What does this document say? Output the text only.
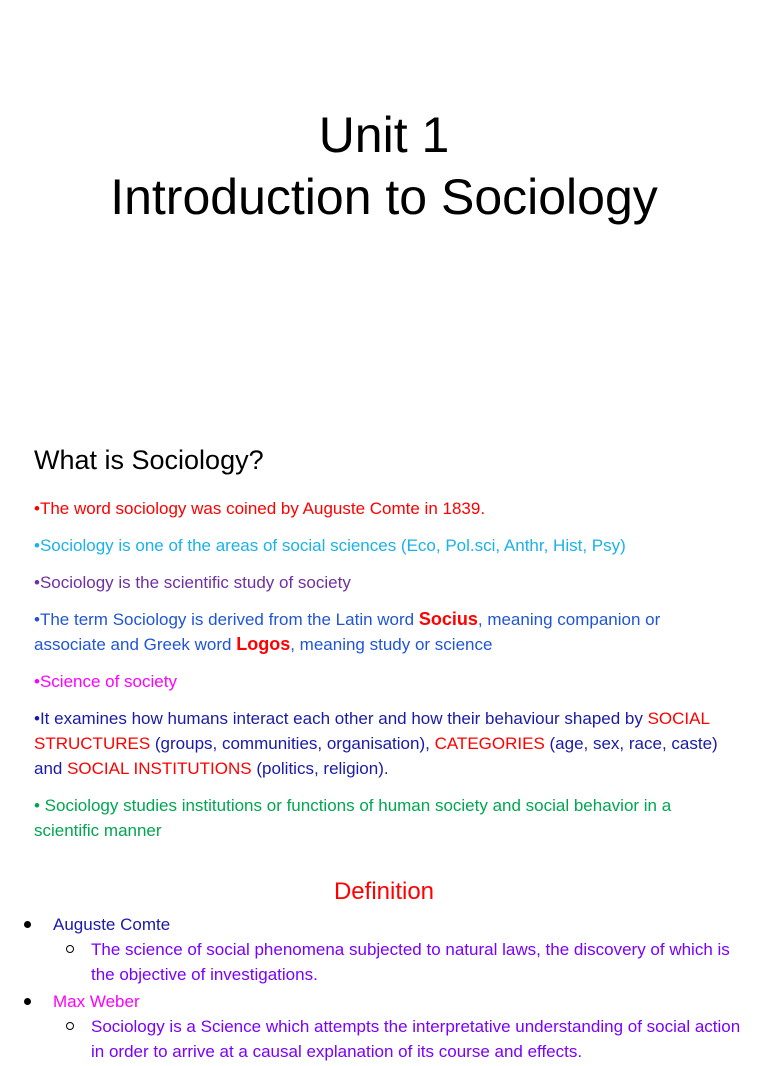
Unit 1
Introduction to Sociology
What is Sociology?
•The word sociology was coined by Auguste Comte in 1839.
•Sociology is one of the areas of social sciences (Eco, Pol.sci, Anthr, Hist, Psy)
•Sociology is the scientific study of society
•The term Sociology is derived from the Latin word Socius, meaning companion or associate and Greek word Logos, meaning study or science
•Science of society
•It examines how humans interact each other and how their behaviour shaped by SOCIAL STRUCTURES (groups, communities, organisation), CATEGORIES (age, sex, race, caste) and SOCIAL INSTITUTIONS (politics, religion).
• Sociology studies institutions or functions of human society and social behavior in a scientific manner
Definition
Auguste Comte
The science of social phenomena subjected to natural laws, the discovery of which is the objective of investigations.
Max Weber
Sociology is a Science which attempts the interpretative understanding of social action in order to arrive at a causal explanation of its course and effects.
